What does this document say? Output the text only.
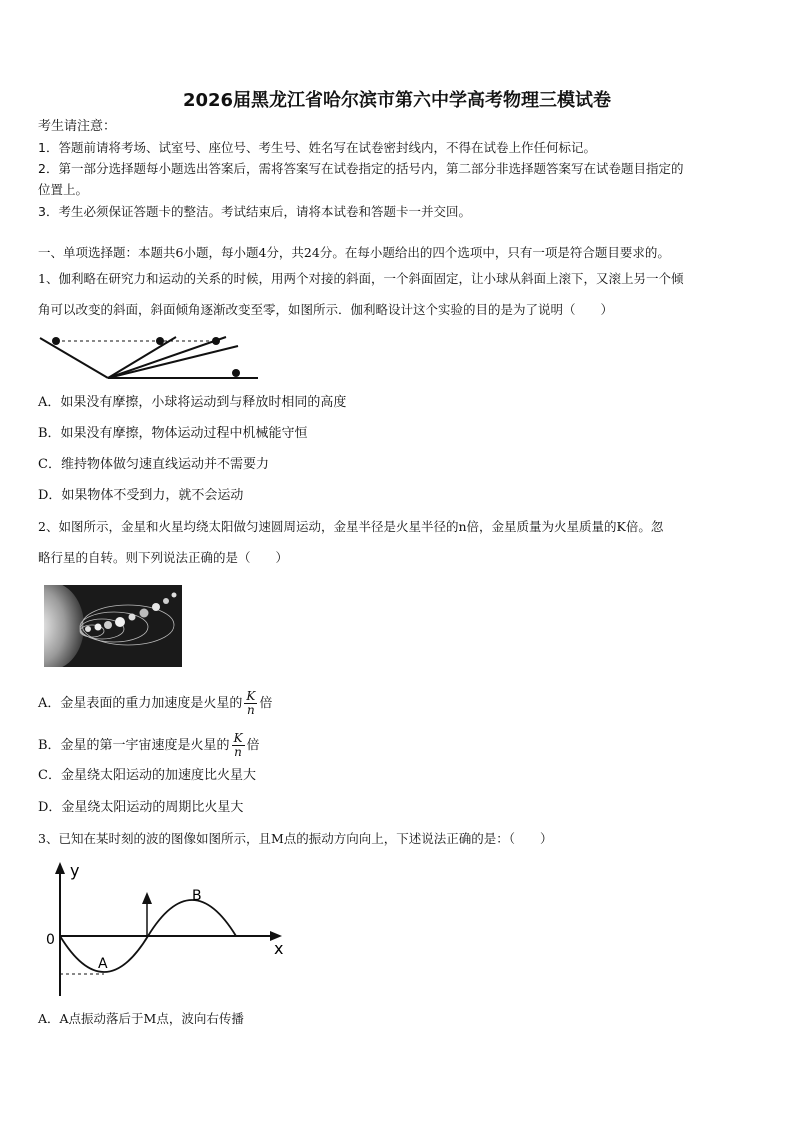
2026届黑龙江省哈尔滨市第六中学高考物理三模试卷
考生请注意：
1．答题前请将考场、试室号、座位号、考生号、姓名写在试卷密封线内，不得在试卷上作任何标记。
2．第一部分选择题每小题选出答案后，需将答案写在试卷指定的括号内，第二部分非选择题答案写在试卷题目指定的
位置上。
3．考生必须保证答题卡的整洁。考试结束后，请将本试卷和答题卡一并交回。
一、单项选择题：本题共6小题，每小题4分，共24分。在每小题给出的四个选项中，只有一项是符合题目要求的。
1、伽利略在研究力和运动的关系的时候，用两个对接的斜面，一个斜面固定，让小球从斜面上滚下，又滚上另一个倾
角可以改变的斜面，斜面倾角逐渐改变至零，如图所示．伽利略设计这个实验的目的是为了说明（　　）
A．如果没有摩擦，小球将运动到与释放时相同的高度
B．如果没有摩擦，物体运动过程中机械能守恒
C．维持物体做匀速直线运动并不需要力
D．如果物体不受到力，就不会运动
2、如图所示，金星和火星均绕太阳做匀速圆周运动，金星半径是火星半径的n倍，金星质量为火星质量的K倍。忽
略行星的自转。则下列说法正确的是（　　）
A．金星表面的重力加速度是火星的 $\frac{K}{n}$ 倍
B．金星的第一宇宙速度是火星的 $\frac{K}{n}$ 倍
C．金星绕太阳运动的加速度比火星大
D．金星绕太阳运动的周期比火星大
3、已知在某时刻的波的图像如图所示，且M点的振动方向向上，下述说法正确的是：（　　）
y
x
0
A
B
A．A点振动落后于M点，波向右传播
